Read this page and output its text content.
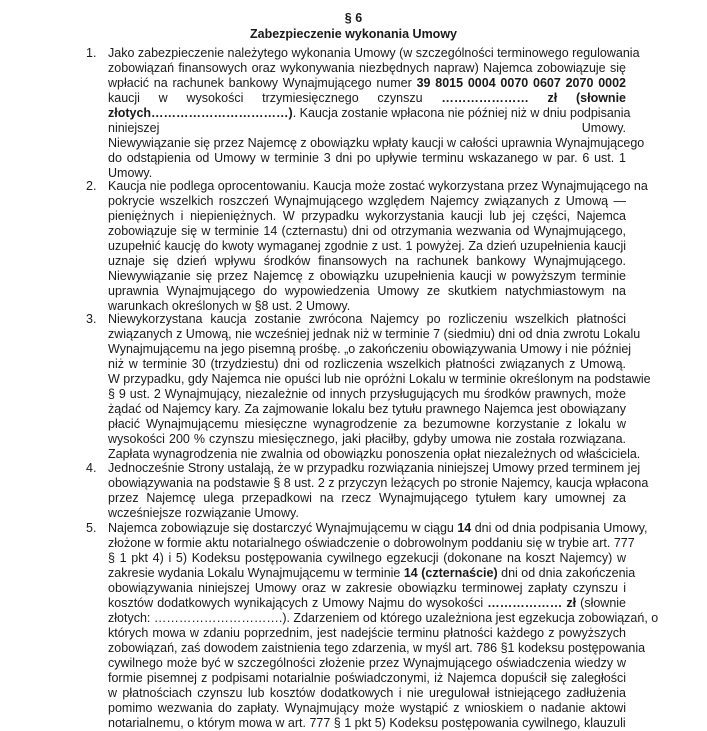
§ 6
Zabezpieczenie wykonania Umowy
1. Jako zabezpieczenie należytego wykonania Umowy (w szczególności terminowego regulowania
zobowiązań finansowych oraz wykonywania niezbędnych napraw) Najemca zobowiązuje się
wpłacić na rachunek bankowy Wynajmującego numer 39 8015 0004 0070 0607 2070 0002
kaucji w wysokości trzymiesięcznego czynszu ………………… zł (słownie
złotych……………………………). Kaucja zostanie wpłacona nie później niż w dniu podpisania
niniejszej Umowy.
Niewywiązanie się przez Najemcę z obowiązku wpłaty kaucji w całości uprawnia Wynajmującego
do odstąpienia od Umowy w terminie 3 dni po upływie terminu wskazanego w par. 6 ust. 1
Umowy.
2. Kaucja nie podlega oprocentowaniu. Kaucja może zostać wykorzystana przez Wynajmującego na
pokrycie wszelkich roszczeń Wynajmującego względem Najemcy związanych z Umową —
pieniężnych i niepieniężnych. W przypadku wykorzystania kaucji lub jej części, Najemca
zobowiązuje się w terminie 14 (czternastu) dni od otrzymania wezwania od Wynajmującego,
uzupełnić kaucję do kwoty wymaganej zgodnie z ust. 1 powyżej. Za dzień uzupełnienia kaucji
uznaje się dzień wpływu środków finansowych na rachunek bankowy Wynajmującego.
Niewywiązanie się przez Najemcę z obowiązku uzupełnienia kaucji w powyższym terminie
uprawnia Wynajmującego do wypowiedzenia Umowy ze skutkiem natychmiastowym na
warunkach określonych w §8 ust. 2 Umowy.
3. Niewykorzystana kaucja zostanie zwrócona Najemcy po rozliczeniu wszelkich płatności
związanych z Umową, nie wcześniej jednak niż w terminie 7 (siedmiu) dni od dnia zwrotu Lokalu
Wynajmującemu na jego pisemną prośbę. „o zakończeniu obowiązywania Umowy i nie później
niż w terminie 30 (trzydziestu) dni od rozliczenia wszelkich płatności związanych z Umową.
W przypadku, gdy Najemca nie opuści lub nie opróżni Lokalu w terminie określonym na podstawie
§ 9 ust. 2 Wynajmujący, niezależnie od innych przysługujących mu środków prawnych, może
żądać od Najemcy kary. Za zajmowanie lokalu bez tytułu prawnego Najemca jest obowiązany
płacić Wynajmującemu miesięczne wynagrodzenie za bezumowne korzystanie z lokalu w
wysokości 200 % czynszu miesięcznego, jaki płaciłby, gdyby umowa nie została rozwiązana.
Zapłata wynagrodzenia nie zwalnia od obowiązku ponoszenia opłat niezależnych od właściciela.
4. Jednocześnie Strony ustalają, że w przypadku rozwiązania niniejszej Umowy przed terminem jej
obowiązywania na podstawie § 8 ust. 2 z przyczyn leżących po stronie Najemcy, kaucja wpłacona
przez Najemcę ulega przepadkowi na rzecz Wynajmującego tytułem kary umownej za
wcześniejsze rozwiązanie Umowy.
5. Najemca zobowiązuje się dostarczyć Wynajmującemu w ciągu 14 dni od dnia podpisania Umowy,
złożone w formie aktu notarialnego oświadczenie o dobrowolnym poddaniu się w trybie art. 777
§ 1 pkt 4) i 5) Kodeksu postępowania cywilnego egzekucji (dokonane na koszt Najemcy) w
zakresie wydania Lokalu Wynajmującemu w terminie 14 (czternaście) dni od dnia zakończenia
obowiązywania niniejszej Umowy oraz w zakresie obowiązku terminowej zapłaty czynszu i
kosztów dodatkowych wynikających z Umowy Najmu do wysokości ……………… zł (słownie
złotych: ………………………….). Zdarzeniem od którego uzależniona jest egzekucja zobowiązań, o
których mowa w zdaniu poprzednim, jest nadejście terminu płatności każdego z powyższych
zobowiązań, zaś dowodem zaistnienia tego zdarzenia, w myśl art. 786 §1 kodeksu postępowania
cywilnego może być w szczególności złożenie przez Wynajmującego oświadczenia wiedzy w
formie pisemnej z podpisami notarialnie poświadczonymi, iż Najemca dopuścił się zaległości
w płatnościach czynszu lub kosztów dodatkowych i nie uregulował istniejącego zadłużenia
pomimo wezwania do zapłaty. Wynajmujący może wystąpić z wnioskiem o nadanie aktowi
notarialnemu, o którym mowa w art. 777 § 1 pkt 5) Kodeksu postępowania cywilnego, klauzuli
